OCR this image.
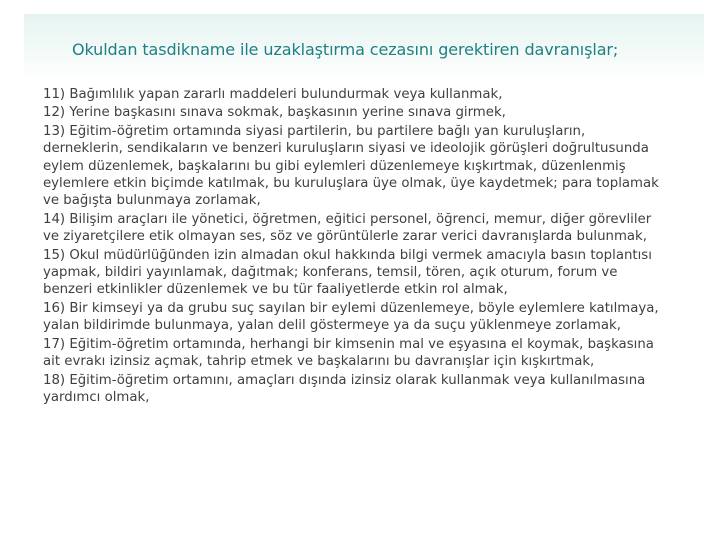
Okuldan tasdikname ile uzaklaştırma cezasını gerektiren davranışlar;

11) Bağımlılık yapan zararlı maddeleri bulundurmak veya kullanmak,

12) Yerine başkasını sınava sokmak, başkasının yerine sınava girmek,

13) Eğitim-öğretim ortamında siyasi partilerin, bu partilere bağlı yan kuruluşların, derneklerin, sendikaların ve benzeri kuruluşların siyasi ve ideolojik görüşleri doğrultusunda eylem düzenlemek, başkalarını bu gibi eylemleri düzenlemeye kışkırtmak, düzenlenmiş eylemlere etkin biçimde katılmak, bu kuruluşlara üye olmak, üye kaydetmek; para toplamak ve bağışta bulunmaya zorlamak,

14) Bilişim araçları ile yönetici, öğretmen, eğitici personel, öğrenci, memur, diğer görevliler ve ziyaretçilere etik olmayan ses, söz ve görüntülerle zarar verici davranışlarda bulunmak,

15) Okul müdürlüğünden izin almadan okul hakkında bilgi vermek amacıyla basın toplantısı yapmak, bildiri yayınlamak, dağıtmak; konferans, temsil, tören, açık oturum, forum ve benzeri etkinlikler düzenlemek ve bu tür faaliyetlerde etkin rol almak,

16) Bir kimseyi ya da grubu suç sayılan bir eylemi düzenlemeye, böyle eylemlere katılmaya, yalan bildirimde bulunmaya, yalan delil göstermeye ya da suçu yüklenmeye zorlamak,

17) Eğitim-öğretim ortamında, herhangi bir kimsenin mal ve eşyasına el koymak, başkasına ait evrakı izinsiz açmak, tahrip etmek ve başkalarını bu davranışlar için kışkırtmak,

18) Eğitim-öğretim ortamını, amaçları dışında izinsiz olarak kullanmak veya kullanılmasına yardımcı olmak,
